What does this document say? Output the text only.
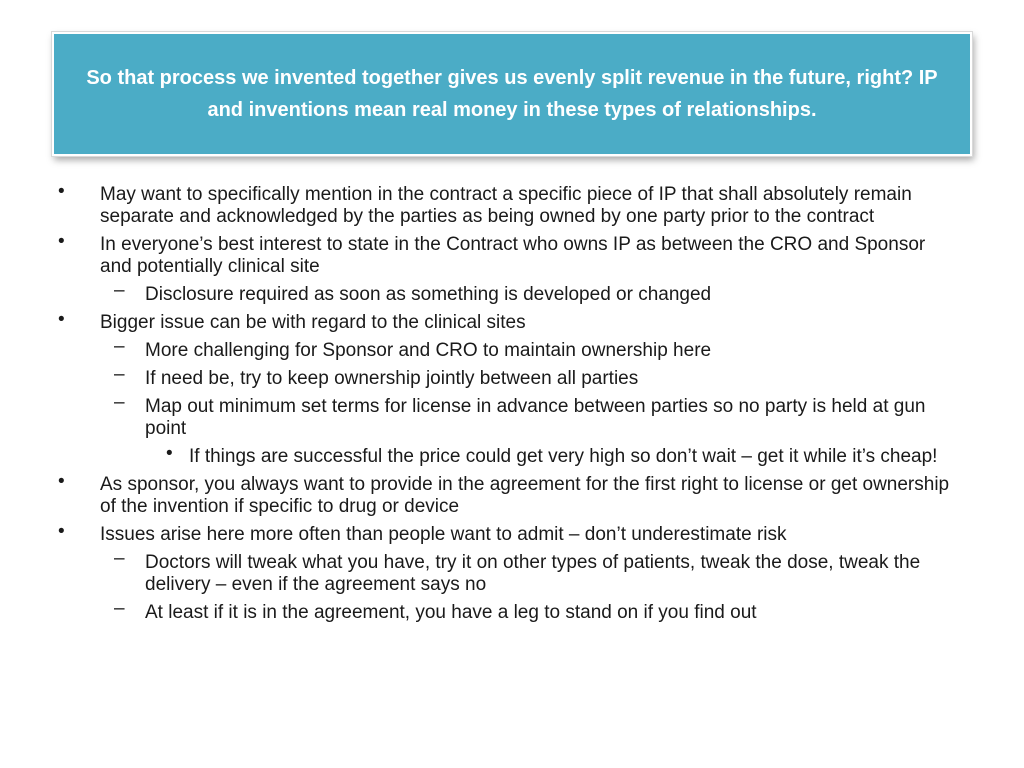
So that process we invented together gives us evenly split revenue in the future, right? IP and inventions mean real money in these types of relationships.

• May want to specifically mention in the contract a specific piece of IP that shall absolutely remain separate and acknowledged by the parties as being owned by one party prior to the contract
• In everyone’s best interest to state in the Contract who owns IP as between the CRO and Sponsor and potentially clinical site
– Disclosure required as soon as something is developed or changed
• Bigger issue can be with regard to the clinical sites
– More challenging for Sponsor and CRO to maintain ownership here
– If need be, try to keep ownership jointly between all parties
– Map out minimum set terms for license in advance between parties so no party is held at gun point
• If things are successful the price could get very high so don’t wait – get it while it’s cheap!
• As sponsor, you always want to provide in the agreement for the first right to license or get ownership of the invention if specific to drug or device
• Issues arise here more often than people want to admit – don’t underestimate risk
– Doctors will tweak what you have, try it on other types of patients, tweak the dose, tweak the delivery – even if the agreement says no
– At least if it is in the agreement, you have a leg to stand on if you find out
